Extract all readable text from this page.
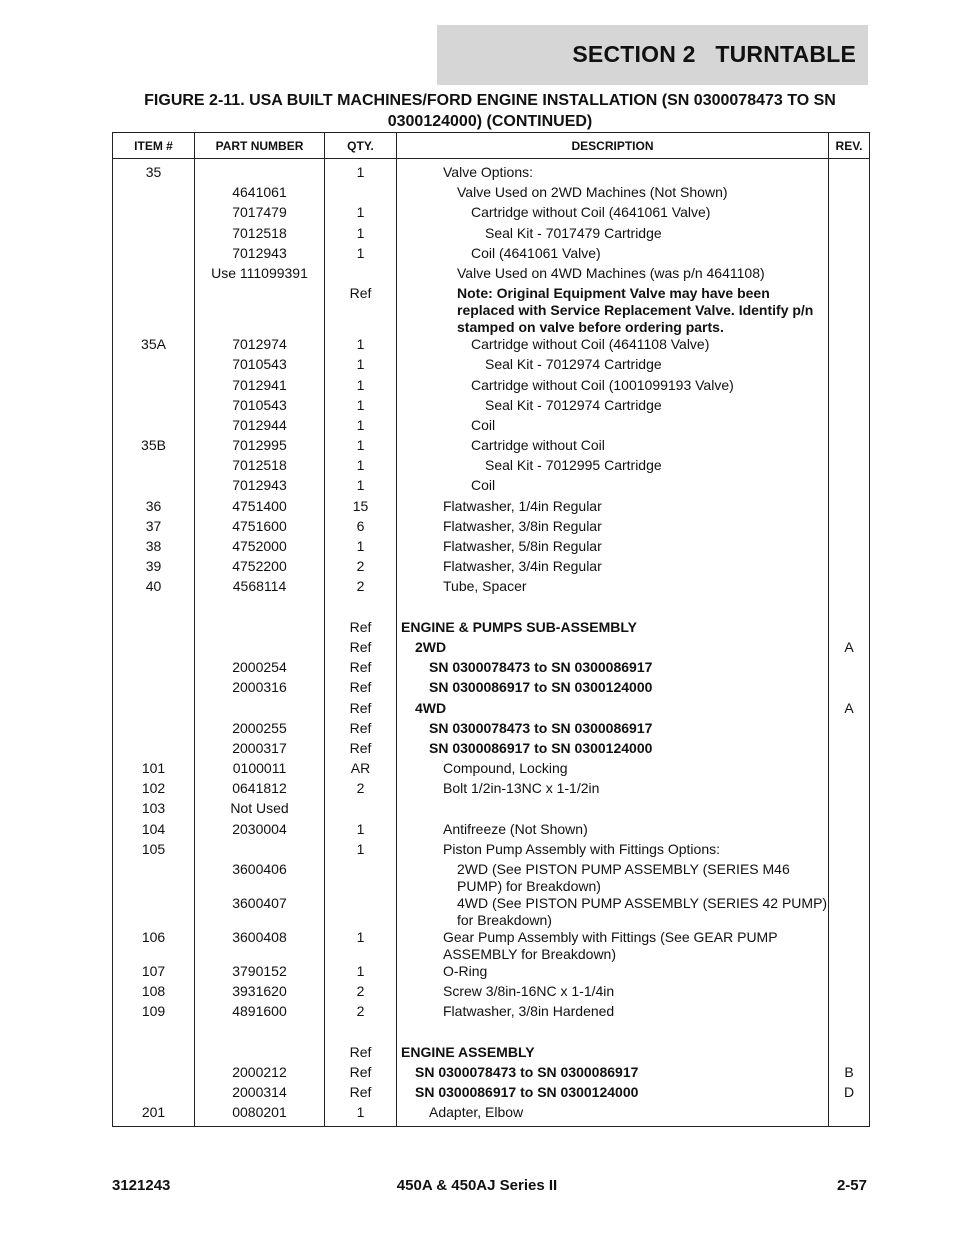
SECTION 2   TURNTABLE
FIGURE 2-11. USA BUILT MACHINES/FORD ENGINE INSTALLATION (SN 0300078473 TO SN
0300124000) (CONTINUED)
ITEM #	PART NUMBER	QTY.	DESCRIPTION	REV.

35		1	Valve Options:	

	4641061		Valve Used on 2WD Machines (Not Shown)	

	7017479	1	Cartridge without Coil (4641061 Valve)	

	7012518	1	Seal Kit - 7017479 Cartridge	

	7012943	1	Coil (4641061 Valve)	

	Use 111099391		Valve Used on 4WD Machines (was p/n 4641108)	

		Ref	Note: Original Equipment Valve may have been replaced with Service Replacement Valve. Identify p/n stamped on valve before ordering parts.	

35A	7012974	1	Cartridge without Coil (4641108 Valve)	

	7010543	1	Seal Kit - 7012974 Cartridge	

	7012941	1	Cartridge without Coil (1001099193 Valve)	

	7010543	1	Seal Kit - 7012974 Cartridge	

	7012944	1	Coil	

35B	7012995	1	Cartridge without Coil	

	7012518	1	Seal Kit - 7012995 Cartridge	

	7012943	1	Coil	

36	4751400	15	Flatwasher, 1/4in Regular	

37	4751600	6	Flatwasher, 3/8in Regular	

38	4752000	1	Flatwasher, 5/8in Regular	

39	4752200	2	Flatwasher, 3/4in Regular	

40	4568114	2	Tube, Spacer	

		Ref	ENGINE & PUMPS SUB-ASSEMBLY	

		Ref	2WD	A
	2000254	Ref	SN 0300078473 to SN 0300086917	

	2000316	Ref	SN 0300086917 to SN 0300124000	

		Ref	4WD	A
	2000255	Ref	SN 0300078473 to SN 0300086917	

	2000317	Ref	SN 0300086917 to SN 0300124000	

101	0100011	AR	Compound, Locking	

102	0641812	2	Bolt 1/2in-13NC x 1-1/2in	

103	Not Used		

104	2030004	1	Antifreeze (Not Shown)	

105		1	Piston Pump Assembly with Fittings Options:	

	3600406		2WD (See PISTON PUMP ASSEMBLY (SERIES M46 PUMP) for Breakdown)	

	3600407		4WD (See PISTON PUMP ASSEMBLY (SERIES 42 PUMP) for Breakdown)	

106	3600408	1	Gear Pump Assembly with Fittings (See GEAR PUMP ASSEMBLY for Breakdown)	

107	3790152	1	O-Ring	

108	3931620	2	Screw 3/8in-16NC x 1-1/4in	

109	4891600	2	Flatwasher, 3/8in Hardened	

		Ref	ENGINE ASSEMBLY	

	2000212	Ref	SN 0300078473 to SN 0300086917	B
	2000314	Ref	SN 0300086917 to SN 0300124000	D
201	0080201	1	Adapter, Elbow	

3121243	450A & 450AJ Series II	2-57
